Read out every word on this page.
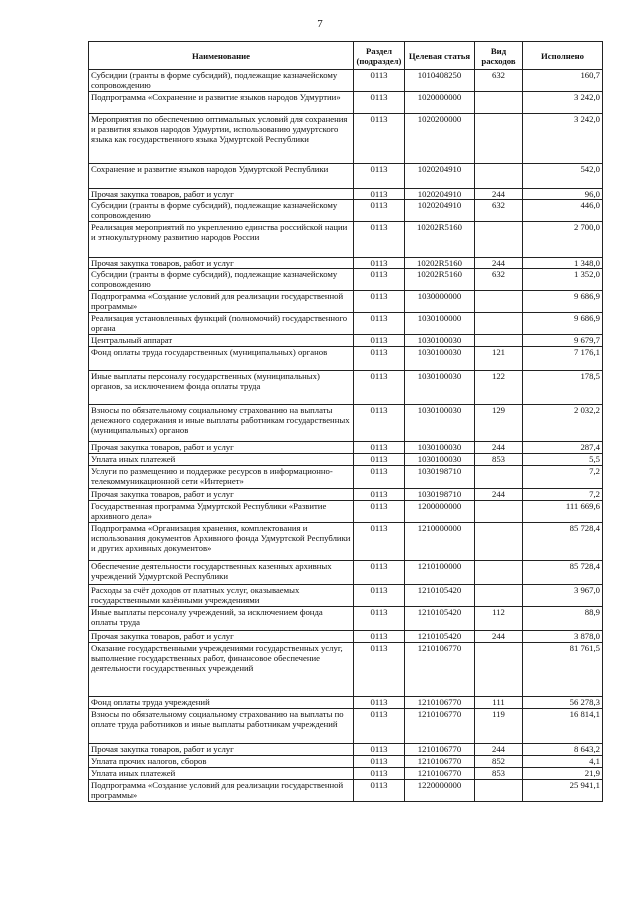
7
Наименование	Раздел (подраздел)	Целевая статья	Вид расходов	Исполнено
Субсидии (гранты в форме субсидий), подлежащие казначейскому сопровождению	0113	1010408250	632	160,7
Подпрограмма «Сохранение и развитие языков народов Удмуртии»	0113	1020000000		3 242,0
Мероприятия по обеспечению оптимальных условий для сохранения и развития языков народов Удмуртии, использованию удмуртского языка как государственного языка Удмуртской Республики	0113	1020200000		3 242,0
Сохранение и развитие языков народов Удмуртской Республики	0113	1020204910		542,0
Прочая закупка товаров, работ и услуг	0113	1020204910	244	96,0
Субсидии (гранты в форме субсидий), подлежащие казначейскому сопровождению	0113	1020204910	632	446,0
Реализация мероприятий по укреплению единства российской нации и этнокультурному развитию народов России	0113	10202R5160		2 700,0
Прочая закупка товаров, работ и услуг	0113	10202R5160	244	1 348,0
Субсидии (гранты в форме субсидий), подлежащие казначейскому сопровождению	0113	10202R5160	632	1 352,0
Подпрограмма «Создание условий для реализации государственной программы»	0113	1030000000		9 686,9
Реализация установленных функций (полномочий) государственного органа	0113	1030100000		9 686,9
Центральный аппарат	0113	1030100030		9 679,7
Фонд оплаты труда государственных (муниципальных) органов	0113	1030100030	121	7 176,1
Иные выплаты персоналу государственных (муниципальных) органов, за исключением фонда оплаты труда	0113	1030100030	122	178,5
Взносы по обязательному социальному страхованию на выплаты денежного содержания и иные выплаты работникам государственных (муниципальных) органов	0113	1030100030	129	2 032,2
Прочая закупка товаров, работ и услуг	0113	1030100030	244	287,4
Уплата иных платежей	0113	1030100030	853	5,5
Услуги по размещению и поддержке ресурсов в информационно-телекоммуникационной сети «Интернет»	0113	1030198710		7,2
Прочая закупка товаров, работ и услуг	0113	1030198710	244	7,2
Государственная программа Удмуртской Республики «Развитие архивного дела»	0113	1200000000		111 669,6
Подпрограмма «Организация хранения, комплектования и использования документов Архивного фонда Удмуртской Республики и других архивных документов»	0113	1210000000		85 728,4
Обеспечение деятельности государственных казенных архивных учреждений Удмуртской Республики	0113	1210100000		85 728,4
Расходы за счёт доходов от платных услуг, оказываемых государственными казёнными учреждениями	0113	1210105420		3 967,0
Иные выплаты персоналу учреждений, за исключением фонда оплаты труда	0113	1210105420	112	88,9
Прочая закупка товаров, работ и услуг	0113	1210105420	244	3 878,0
Оказание государственными учреждениями государственных услуг, выполнение государственных работ, финансовое обеспечение деятельности государственных учреждений	0113	1210106770		81 761,5
Фонд оплаты труда учреждений	0113	1210106770	111	56 278,3
Взносы по обязательному социальному страхованию на выплаты по оплате труда работников и иные выплаты работникам учреждений	0113	1210106770	119	16 814,1
Прочая закупка товаров, работ и услуг	0113	1210106770	244	8 643,2
Уплата прочих налогов, сборов	0113	1210106770	852	4,1
Уплата иных платежей	0113	1210106770	853	21,9
Подпрограмма «Создание условий для реализации государственной программы»	0113	1220000000		25 941,1
